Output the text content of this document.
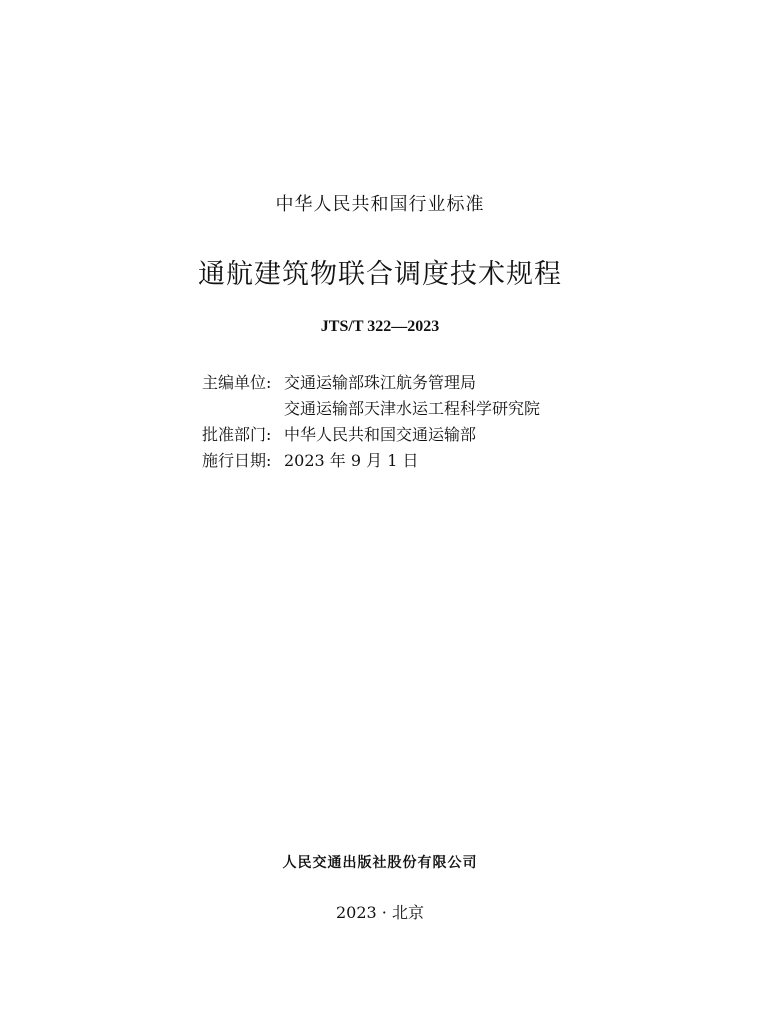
中华人民共和国行业标准
通航建筑物联合调度技术规程
JTS/T 322—2023
主编单位: 交通运输部珠江航务管理局
交通运输部天津水运工程科学研究院
批准部门: 中华人民共和国交通运输部
施行日期: 2023 年 9 月 1 日
人民交通出版社股份有限公司
2023 · 北京
